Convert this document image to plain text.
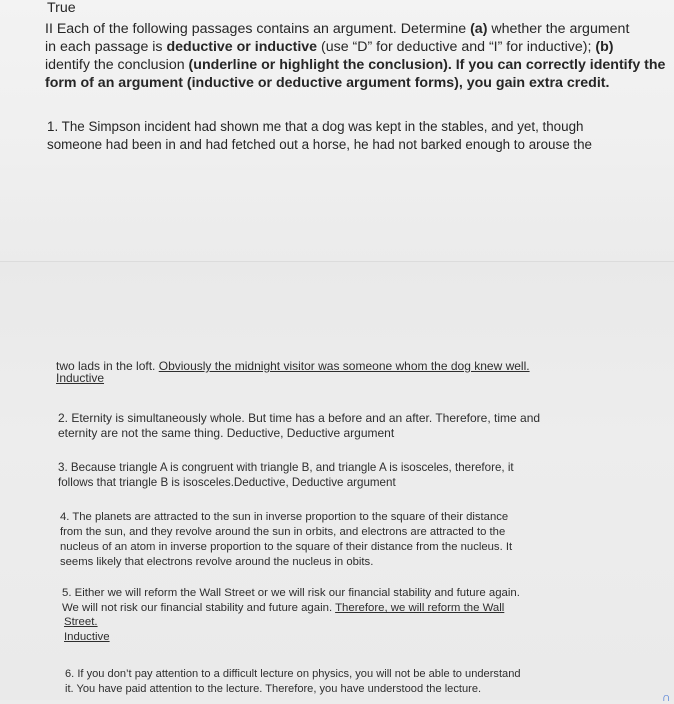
True
II Each of the following passages contains an argument. Determine (a) whether the argument
in each passage is deductive or inductive (use “D” for deductive and “I” for inductive); (b)
identify the conclusion (underline or highlight the conclusion). If you can correctly identify the
form of an argument (inductive or deductive argument forms), you gain extra credit.
1. The Simpson incident had shown me that a dog was kept in the stables, and yet, though
someone had been in and had fetched out a horse, he had not barked enough to arouse the
two lads in the loft. Obviously the midnight visitor was someone whom the dog knew well.
Inductive
2. Eternity is simultaneously whole. But time has a before and an after. Therefore, time and
eternity are not the same thing. Deductive, Deductive argument
3. Because triangle A is congruent with triangle B, and triangle A is isosceles, therefore, it
follows that triangle B is isosceles.Deductive, Deductive argument
4. The planets are attracted to the sun in inverse proportion to the square of their distance
from the sun, and they revolve around the sun in orbits, and electrons are attracted to the
nucleus of an atom in inverse proportion to the square of their distance from the nucleus. It
seems likely that electrons revolve around the nucleus in obits.
5. Either we will reform the Wall Street or we will risk our financial stability and future again.
We will not risk our financial stability and future again. Therefore, we will reform the Wall
Street.
Inductive
6. If you don’t pay attention to a difficult lecture on physics, you will not be able to understand
it. You have paid attention to the lecture. Therefore, you have understood the lecture.
∩
